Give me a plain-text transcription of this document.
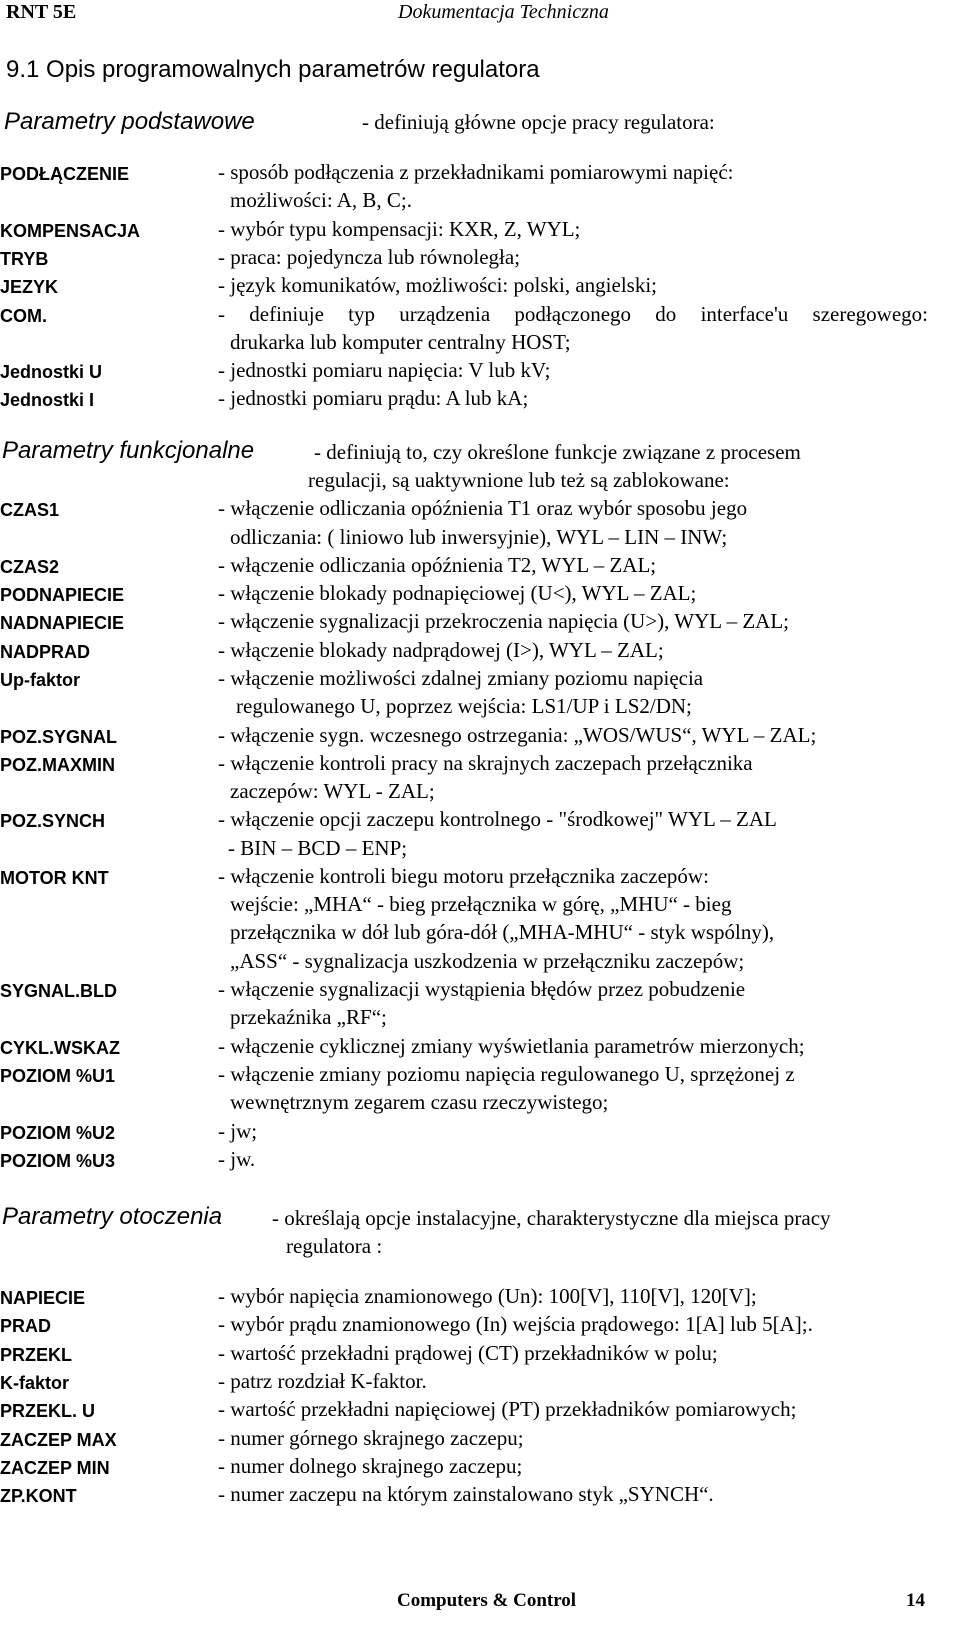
RNT 5E	Dokumentacja Techniczna
9.1 Opis programowalnych parametrów regulatora
Parametry podstawowe	- definiują główne opcje pracy regulatora:
PODŁĄCZENIE	- sposób podłączenia z przekładnikami pomiarowymi napięć:
możliwości: A, B, C;.
KOMPENSACJA	- wybór typu kompensacji: KXR, Z, WYL;
TRYB	- praca: pojedyncza lub równoległa;
JEZYK	- język komunikatów, możliwości: polski, angielski;
COM.	- definiuje typ urządzenia podłączonego do interface'u szeregowego:
drukarka lub komputer centralny HOST;
Jednostki U	- jednostki pomiaru napięcia: V lub kV;
Jednostki I	- jednostki pomiaru prądu: A lub kA;
Parametry funkcjonalne	- definiują to, czy określone funkcje związane z procesem
regulacji, są uaktywnione lub też są zablokowane:
CZAS1	- włączenie odliczania opóźnienia T1 oraz wybór sposobu jego
odliczania: ( liniowo lub inwersyjnie), WYL – LIN – INW;
CZAS2	- włączenie odliczania opóźnienia T2, WYL – ZAL;
PODNAPIECIE	- włączenie blokady podnapięciowej (U<), WYL – ZAL;
NADNAPIECIE	- włączenie sygnalizacji przekroczenia napięcia (U>), WYL – ZAL;
NADPRAD	- włączenie blokady nadprądowej (I>), WYL – ZAL;
Up-faktor	- włączenie możliwości zdalnej zmiany poziomu napięcia
regulowanego U, poprzez wejścia: LS1/UP i LS2/DN;
POZ.SYGNAL	- włączenie sygn. wczesnego ostrzegania: „WOS/WUS“, WYL – ZAL;
POZ.MAXMIN	- włączenie kontroli pracy na skrajnych zaczepach przełącznika
zaczepów: WYL - ZAL;
POZ.SYNCH	- włączenie opcji zaczepu kontrolnego - "środkowej" WYL – ZAL
- BIN – BCD – ENP;
MOTOR KNT	- włączenie kontroli biegu motoru przełącznika zaczepów:
wejście: „MHA“ - bieg przełącznika w górę, „MHU“ - bieg
przełącznika w dół lub góra-dół („MHA-MHU“ - styk wspólny),
„ASS“ - sygnalizacja uszkodzenia w przełączniku zaczepów;
SYGNAL.BLD	- włączenie sygnalizacji wystąpienia błędów przez pobudzenie
przekaźnika „RF“;
CYKL.WSKAZ	- włączenie cyklicznej zmiany wyświetlania parametrów mierzonych;
POZIOM %U1	- włączenie zmiany poziomu napięcia regulowanego U, sprzężonej z
wewnętrznym zegarem czasu rzeczywistego;
POZIOM %U2	- jw;
POZIOM %U3	- jw.
Parametry otoczenia - określają opcje instalacyjne, charakterystyczne dla miejsca pracy
regulatora :
NAPIECIE	- wybór napięcia znamionowego (Un): 100[V], 110[V], 120[V];
PRAD	- wybór prądu znamionowego (In) wejścia prądowego: 1[A] lub 5[A];.
PRZEKL	- wartość przekładni prądowej (CT) przekładników w polu;
K-faktor	- patrz rozdział K-faktor.
PRZEKL. U	- wartość przekładni napięciowej (PT) przekładników pomiarowych;
ZACZEP MAX	- numer górnego skrajnego zaczepu;
ZACZEP MIN	- numer dolnego skrajnego zaczepu;
ZP.KONT	- numer zaczepu na którym zainstalowano styk „SYNCH“.
Computers & Control	14
